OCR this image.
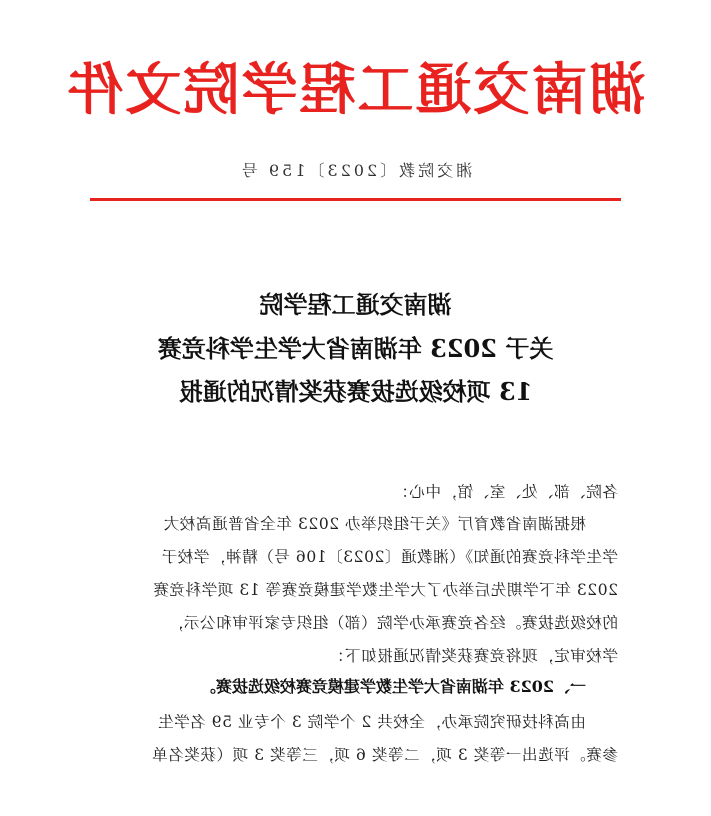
湖南交通工程学院文件
湘交院教〔2023〕159 号
湖南交通工程学院
关于 2023 年湖南省大学生学科竞赛
13 项校级选拔赛获奖情况的通报
各院、部、处、室、馆，中心：
根据湖南省教育厅《关于组织举办 2023 年全省普通高校大
学生学科竞赛的通知》（湘教通〔2023〕106 号）精神，学校于
2023 年下学期先后举办了大学生数学建模竞赛等 13 项学科竞赛
的校级选拔赛。经各竞赛承办学院（部）组织专家评审和公示，
学校审定，现将竞赛获奖情况通报如下：
一、2023 年湖南省大学生数学建模竞赛校级选拔赛。
由高科技研究院承办，全校共 2 个学院 3 个专业 59 名学生
参赛。评选出一等奖 3 项，二等奖 6 项，三等奖 3 项（获奖名单
